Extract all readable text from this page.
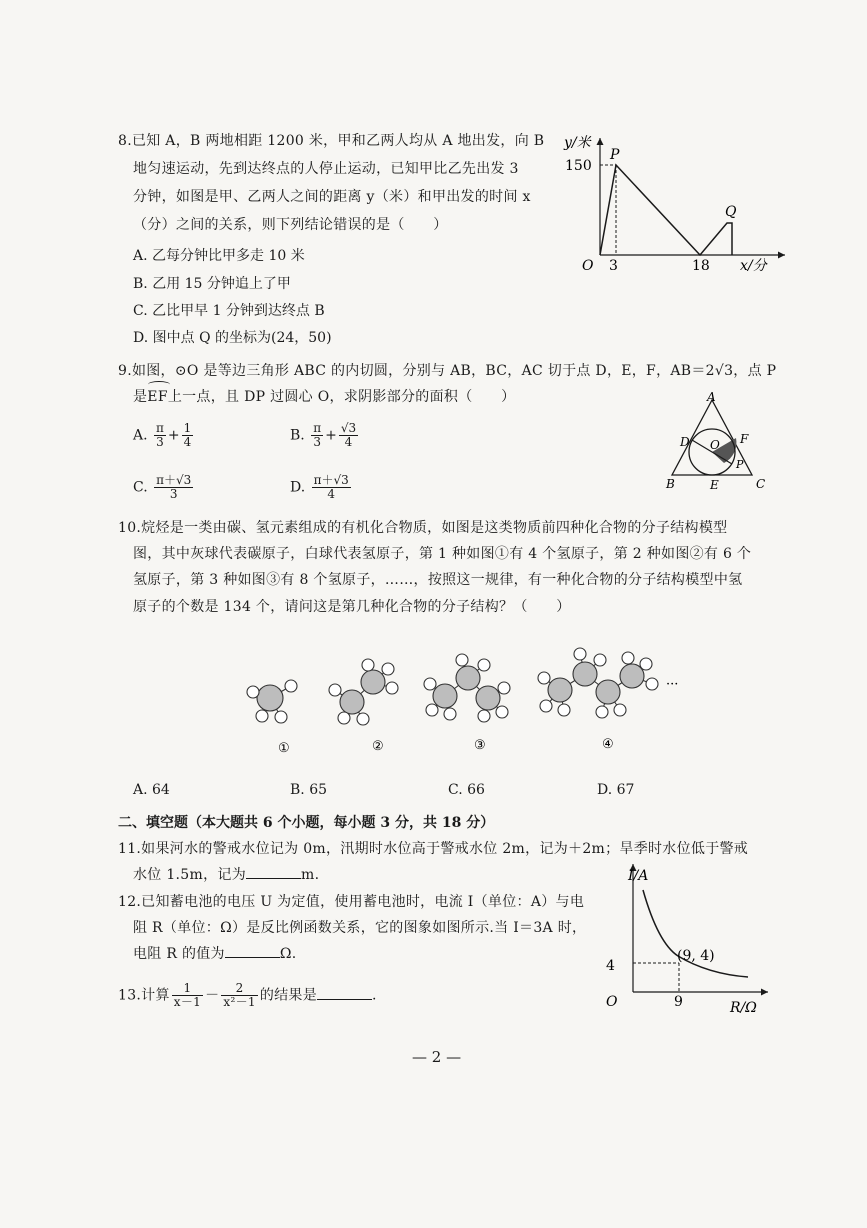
8.已知 A，B 两地相距 1200 米，甲和乙两人均从 A 地出发，向 B
地匀速运动，先到达终点的人停止运动，已知甲比乙先出发 3
分钟，如图是甲、乙两人之间的距离 y（米）和甲出发的时间 x
（分）之间的关系，则下列结论错误的是（　　）
A. 乙每分钟比甲多走 10 米
B. 乙用 15 分钟追上了甲
C. 乙比甲早 1 分钟到达终点 B
D. 图中点 Q 的坐标为(24，50)
y/米
150
P
Q
O 3	18 x/分
9.如图，⊙O 是等边三角形 ABC 的内切圆，分别与 AB，BC，AC 切于点 D，E，F，AB＝2√3，点 P
是EF上一点，且 DP 过圆心 O，求阴影部分的面积（　　）
A. $\frac{\pi}{3} + \frac{1}{4}$	B. $\frac{\pi}{3} + \frac{√3}{4}$
C. $\frac{\pi+√3}{3}$	D. $\frac{\pi+√3}{4}$
A
D O F
P
B	E	C
10.烷烃是一类由碳、氢元素组成的有机化合物质，如图是这类物质前四种化合物的分子结构模型
图，其中灰球代表碳原子，白球代表氢原子，第 1 种如图①有 4 个氢原子，第 2 种如图②有 6 个
氢原子，第 3 种如图③有 8 个氢原子，……，按照这一规律，有一种化合物的分子结构模型中氢
原子的个数是 134 个，请问这是第几种化合物的分子结构？（　　）
···
①	②	③	④
A. 64	B. 65	C. 66	D. 67
二、填空题（本大题共 6 个小题，每小题 3 分，共 18 分）
11.如果河水的警戒水位记为 0m，汛期时水位高于警戒水位 2m，记为＋2m；旱季时水位低于警戒
水位 1.5m，记为	m.
12.已知蓄电池的电压 U 为定值，使用蓄电池时，电流 I（单位：A）与电
阻 R（单位：Ω）是反比例函数关系，它的图象如图所示.当 I＝3A 时，
电阻 R 的值为	Ω.
I/A
4
(9, 4)
O	9	R/Ω
13.计算 $\frac{1}{x-1} - \frac{2}{\text{x²－1}}$ 的结果是	.
— 2 —
